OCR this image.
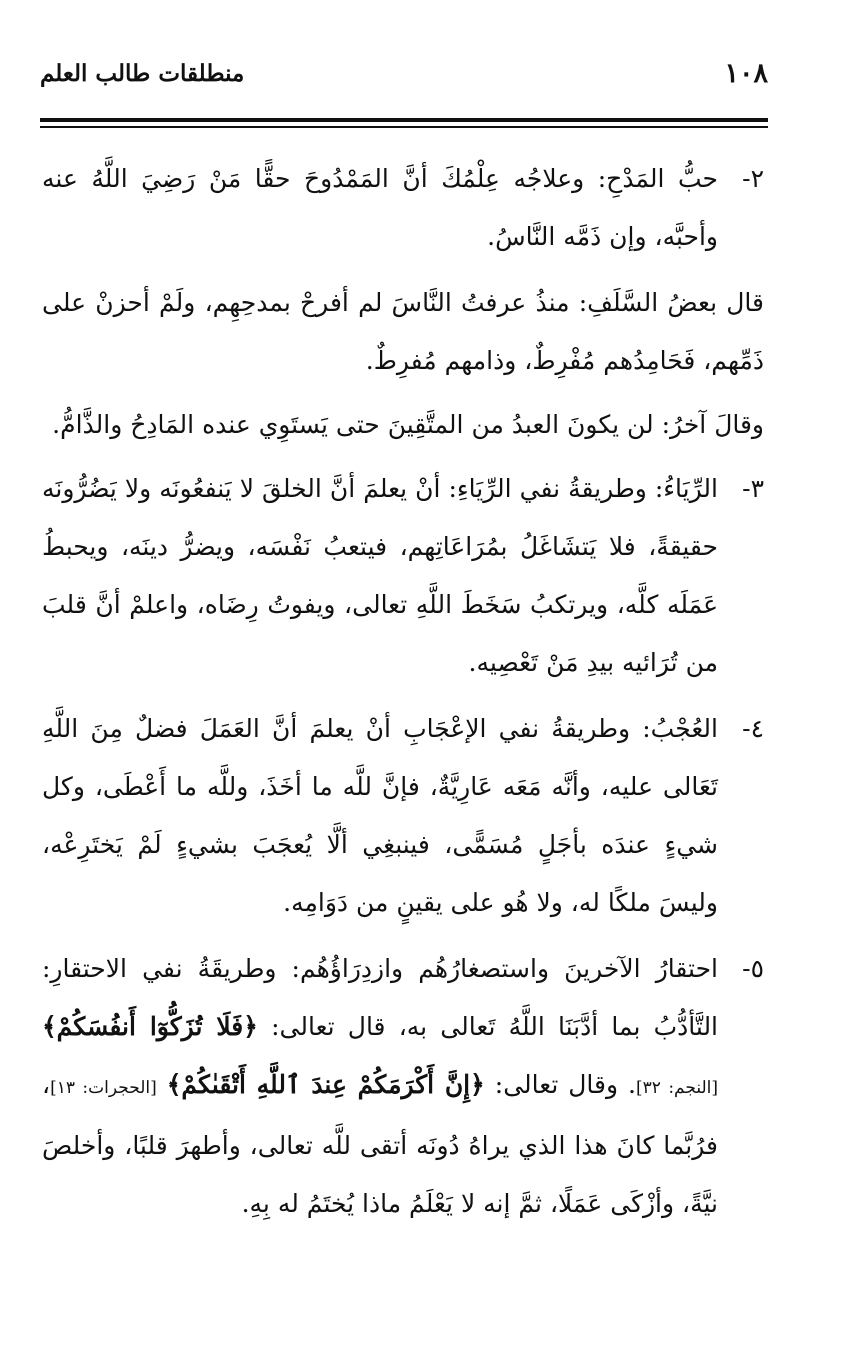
١٠٨
منطلقات طالب العلم
٢-
حبُّ المَدْحِ: وعلاجُه عِلْمُكَ أنَّ المَمْدُوحَ حقًّا مَنْ رَضِيَ اللَّهُ عنه وأحبَّه، وإن ذَمَّه النَّاسُ.

قال بعضُ السَّلَفِ: منذُ عرفتُ النَّاسَ لم أفرحْ بمدحِهِم، ولَمْ أحزنْ على ذَمِّهم، فَحَامِدُهم مُفْرِطٌ، وذامهم مُفرِطٌ.

وقالَ آخرُ: لن يكونَ العبدُ من المتَّقِينَ حتى يَستَوِي عنده المَادِحُ والذَّامُّ.

٣-
الرِّيَاءُ: وطريقةُ نفي الرِّيَاءِ: أنْ يعلمَ أنَّ الخلقَ لا يَنفعُونَه ولا يَضُرُّونَه حقيقةً، فلا يَتشَاغَلُ بمُرَاعَاتِهم، فيتعبُ نَفْسَه، ويضرُّ دينَه، ويحبطُ عَمَلَه كلَّه، ويرتكبُ سَخَطَ اللَّهِ تعالى، ويفوتُ رِضَاه، واعلمْ أنَّ قلبَ من تُرَائيه بيدِ مَنْ تَعْصِيه.
٤-
العُجْبُ: وطريقةُ نفي الإعْجَابِ أنْ يعلمَ أنَّ العَمَلَ فضلٌ مِنَ اللَّهِ تَعَالى عليه، وأنَّه مَعَه عَارِيَّةٌ، فإنَّ للَّه ما أخَذَ، وللَّه ما أَعْطَى، وكل شيءٍ عندَه بأجَلٍ مُسَمًّى، فينبغِي ألَّا يُعجَبَ بشيءٍ لَمْ يَختَرِعْه، وليسَ ملكًا له، ولا هُو على يقينٍ من دَوَامِه.
٥-
احتقارُ الآخرينَ واستصغارُهُم وازدِرَاؤُهُم: وطريقَةُ نفي الاحتقارِ: التَّأدُّبُ بما أدَّبَنَا اللَّهُ تَعالى به، قال تعالى: ﴿فَلَا تُزَكُّوٓا أَنفُسَكُمْ﴾ [النجم: ٣٢]. وقال تعالى: ﴿إِنَّ أَكْرَمَكُمْ عِندَ ٱللَّهِ أَتْقَىٰكُمْ﴾ [الحجرات: ١٣]، فرُبَّما كانَ هذا الذي يراهُ دُونَه أتقى للَّه تعالى، وأطهرَ قلبًا، وأخلصَ نيَّةً، وأزْكَى عَمَلًا، ثمَّ إنه لا يَعْلَمُ ماذا يُختَمُ له بِهِ.
